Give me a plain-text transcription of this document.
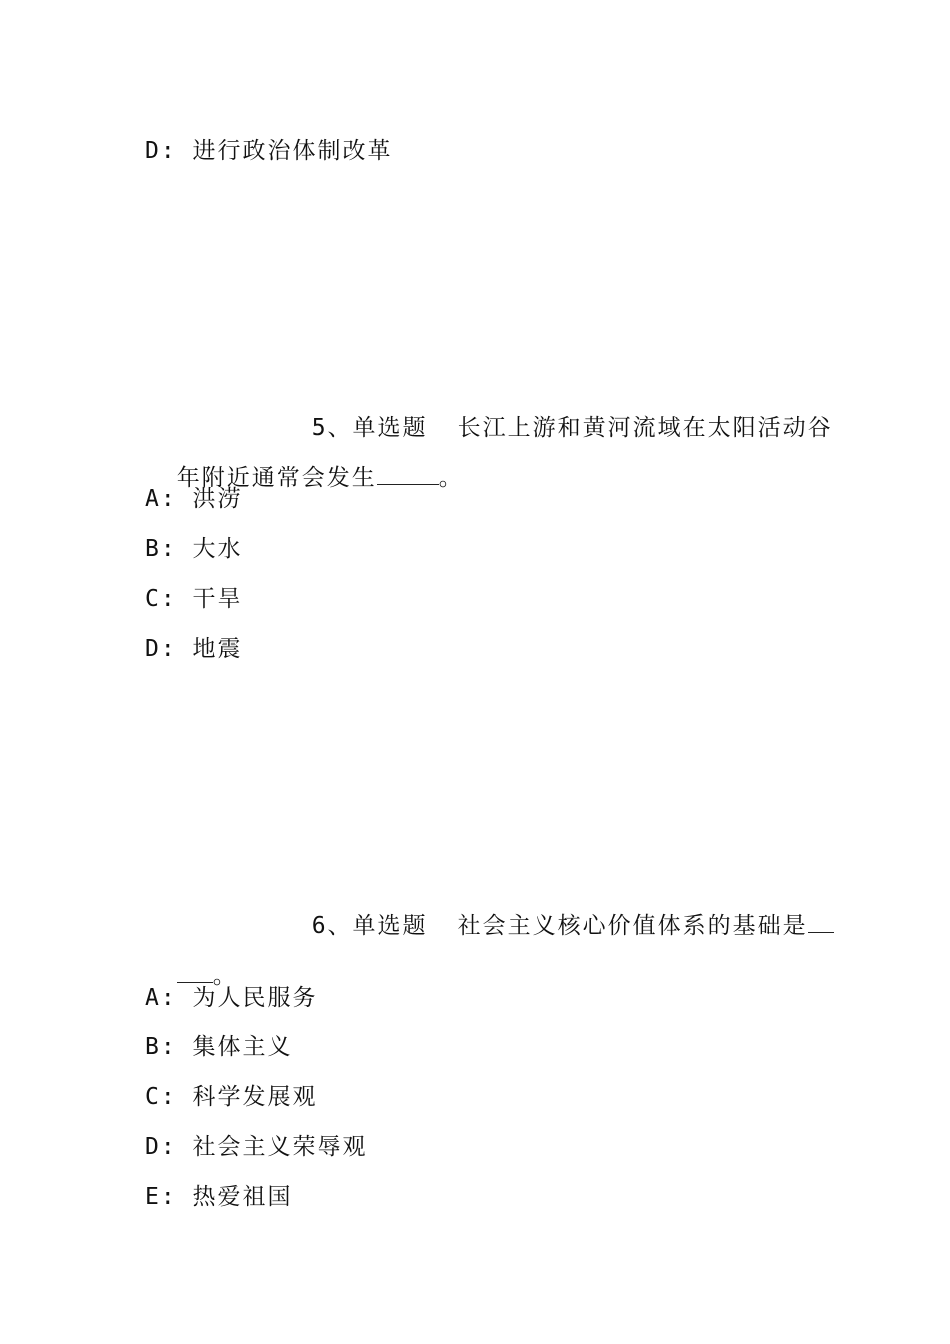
D: 进行政治体制改革

5、单选题 长江上游和黄河流域在太阳活动谷

年附近通常会发生	。

A: 洪涝
B: 大水
C: 干旱
D: 地震

6、单选题 社会主义核心价值体系的基础是

。

A: 为人民服务
B: 集体主义
C: 科学发展观
D: 社会主义荣辱观
E: 热爱祖国
